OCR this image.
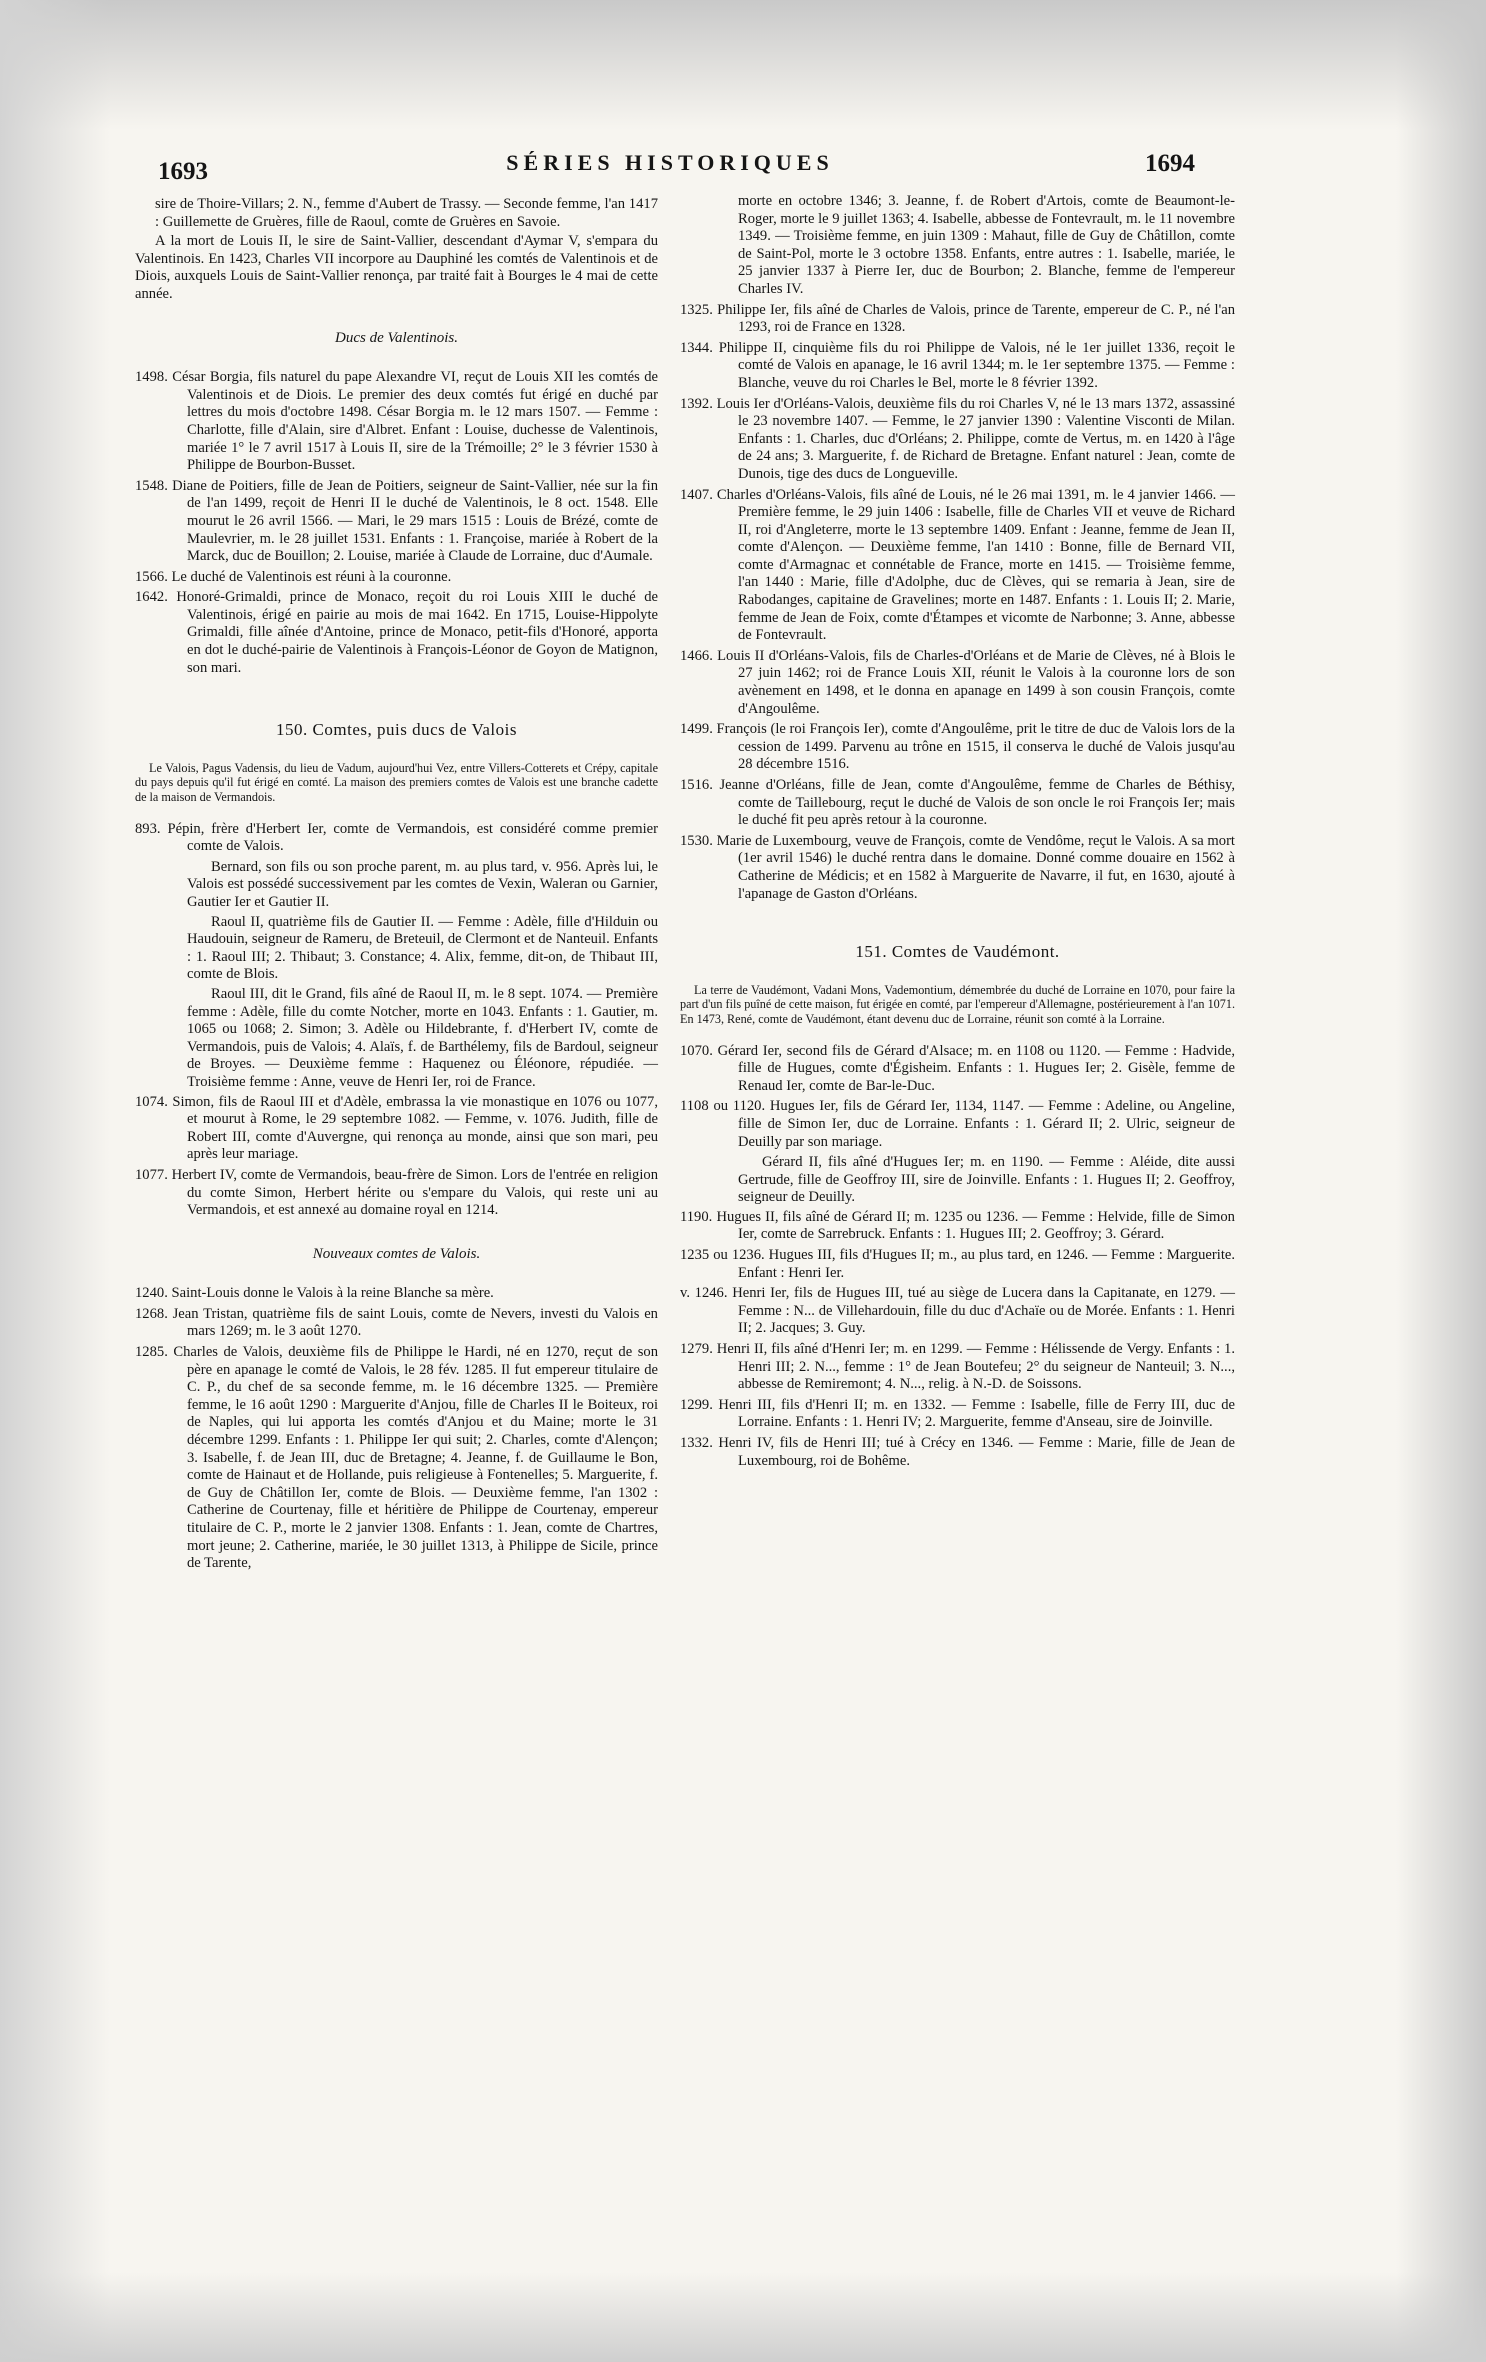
1693	SÉRIES HISTORIQUES	1694

sire de Thoire-Villars; 2. N., femme d'Aubert de Trassy. — Seconde femme, l'an 1417 : Guillemette de Gruères, fille de Raoul, comte de Gruères en Savoie.

A la mort de Louis II, le sire de Saint-Vallier, descendant d'Aymar V, s'empara du Valentinois. En 1423, Charles VII incorpore au Dauphiné les comtés de Valentinois et de Diois, auxquels Louis de Saint-Vallier renonça, par traité fait à Bourges le 4 mai de cette année.

Ducs de Valentinois.

1498. César Borgia, fils naturel du pape Alexandre VI, reçut de Louis XII les comtés de Valentinois et de Diois. Le premier des deux comtés fut érigé en duché par lettres du mois d'octobre 1498. César Borgia m. le 12 mars 1507. — Femme : Charlotte, fille d'Alain, sire d'Albret. Enfant : Louise, duchesse de Valentinois, mariée 1° le 7 avril 1517 à Louis II, sire de la Trémoille; 2° le 3 février 1530 à Philippe de Bourbon-Busset.

1548. Diane de Poitiers, fille de Jean de Poitiers, seigneur de Saint-Vallier, née sur la fin de l'an 1499, reçoit de Henri II le duché de Valentinois, le 8 oct. 1548. Elle mourut le 26 avril 1566. — Mari, le 29 mars 1515 : Louis de Brézé, comte de Maulevrier, m. le 28 juillet 1531. Enfants : 1. Françoise, mariée à Robert de la Marck, duc de Bouillon; 2. Louise, mariée à Claude de Lorraine, duc d'Aumale.

1566. Le duché de Valentinois est réuni à la couronne.

1642. Honoré-Grimaldi, prince de Monaco, reçoit du roi Louis XIII le duché de Valentinois, érigé en pairie au mois de mai 1642. En 1715, Louise-Hippolyte Grimaldi, fille aînée d'Antoine, prince de Monaco, petit-fils d'Honoré, apporta en dot le duché-pairie de Valentinois à François-Léonor de Goyon de Matignon, son mari.

150. Comtes, puis ducs de Valois

Le Valois, Pagus Vadensis, du lieu de Vadum, aujourd'hui Vez, entre Villers-Cotterets et Crépy, capitale du pays depuis qu'il fut érigé en comté. La maison des premiers comtes de Valois est une branche cadette de la maison de Vermandois.

893. Pépin, frère d'Herbert Ier, comte de Vermandois, est considéré comme premier comte de Valois.

Bernard, son fils ou son proche parent, m. au plus tard, v. 956. Après lui, le Valois est possédé successivement par les comtes de Vexin, Waleran ou Garnier, Gautier Ier et Gautier II.

Raoul II, quatrième fils de Gautier II. — Femme : Adèle, fille d'Hilduin ou Haudouin, seigneur de Rameru, de Breteuil, de Clermont et de Nanteuil. Enfants : 1. Raoul III; 2. Thibaut; 3. Constance; 4. Alix, femme, dit-on, de Thibaut III, comte de Blois.

Raoul III, dit le Grand, fils aîné de Raoul II, m. le 8 sept. 1074. — Première femme : Adèle, fille du comte Notcher, morte en 1043. Enfants : 1. Gautier, m. 1065 ou 1068; 2. Simon; 3. Adèle ou Hildebrante, f. d'Herbert IV, comte de Vermandois, puis de Valois; 4. Alaïs, f. de Barthélemy, fils de Bardoul, seigneur de Broyes. — Deuxième femme : Haquenez ou Éléonore, répudiée. — Troisième femme : Anne, veuve de Henri Ier, roi de France.

1074. Simon, fils de Raoul III et d'Adèle, embrassa la vie monastique en 1076 ou 1077, et mourut à Rome, le 29 septembre 1082. — Femme, v. 1076. Judith, fille de Robert III, comte d'Auvergne, qui renonça au monde, ainsi que son mari, peu après leur mariage.

1077. Herbert IV, comte de Vermandois, beau-frère de Simon. Lors de l'entrée en religion du comte Simon, Herbert hérite ou s'empare du Valois, qui reste uni au Vermandois, et est annexé au domaine royal en 1214.

Nouveaux comtes de Valois.

1240. Saint-Louis donne le Valois à la reine Blanche sa mère.

1268. Jean Tristan, quatrième fils de saint Louis, comte de Nevers, investi du Valois en mars 1269; m. le 3 août 1270.

1285. Charles de Valois, deuxième fils de Philippe le Hardi, né en 1270, reçut de son père en apanage le comté de Valois, le 28 fév. 1285. Il fut empereur titulaire de C. P., du chef de sa seconde femme, m. le 16 décembre 1325. — Première femme, le 16 août 1290 : Marguerite d'Anjou, fille de Charles II le Boiteux, roi de Naples, qui lui apporta les comtés d'Anjou et du Maine; morte le 31 décembre 1299. Enfants : 1. Philippe Ier qui suit; 2. Charles, comte d'Alençon; 3. Isabelle, f. de Jean III, duc de Bretagne; 4. Jeanne, f. de Guillaume le Bon, comte de Hainaut et de Hollande, puis religieuse à Fontenelles; 5. Marguerite, f. de Guy de Châtillon Ier, comte de Blois. — Deuxième femme, l'an 1302 : Catherine de Courtenay, fille et héritière de Philippe de Courtenay, empereur titulaire de C. P., morte le 2 janvier 1308. Enfants : 1. Jean, comte de Chartres, mort jeune; 2. Catherine, mariée, le 30 juillet 1313, à Philippe de Sicile, prince de Tarente,

morte en octobre 1346; 3. Jeanne, f. de Robert d'Artois, comte de Beaumont-le-Roger, morte le 9 juillet 1363; 4. Isabelle, abbesse de Fontevrault, m. le 11 novembre 1349. — Troisième femme, en juin 1309 : Mahaut, fille de Guy de Châtillon, comte de Saint-Pol, morte le 3 octobre 1358. Enfants, entre autres : 1. Isabelle, mariée, le 25 janvier 1337 à Pierre Ier, duc de Bourbon; 2. Blanche, femme de l'empereur Charles IV.

1325. Philippe Ier, fils aîné de Charles de Valois, prince de Tarente, empereur de C. P., né l'an 1293, roi de France en 1328.

1344. Philippe II, cinquième fils du roi Philippe de Valois, né le 1er juillet 1336, reçoit le comté de Valois en apanage, le 16 avril 1344; m. le 1er septembre 1375. — Femme : Blanche, veuve du roi Charles le Bel, morte le 8 février 1392.

1392. Louis Ier d'Orléans-Valois, deuxième fils du roi Charles V, né le 13 mars 1372, assassiné le 23 novembre 1407. — Femme, le 27 janvier 1390 : Valentine Visconti de Milan. Enfants : 1. Charles, duc d'Orléans; 2. Philippe, comte de Vertus, m. en 1420 à l'âge de 24 ans; 3. Marguerite, f. de Richard de Bretagne. Enfant naturel : Jean, comte de Dunois, tige des ducs de Longueville.

1407. Charles d'Orléans-Valois, fils aîné de Louis, né le 26 mai 1391, m. le 4 janvier 1466. — Première femme, le 29 juin 1406 : Isabelle, fille de Charles VII et veuve de Richard II, roi d'Angleterre, morte le 13 septembre 1409. Enfant : Jeanne, femme de Jean II, comte d'Alençon. — Deuxième femme, l'an 1410 : Bonne, fille de Bernard VII, comte d'Armagnac et connétable de France, morte en 1415. — Troisième femme, l'an 1440 : Marie, fille d'Adolphe, duc de Clèves, qui se remaria à Jean, sire de Rabodanges, capitaine de Gravelines; morte en 1487. Enfants : 1. Louis II; 2. Marie, femme de Jean de Foix, comte d'Étampes et vicomte de Narbonne; 3. Anne, abbesse de Fontevrault.

1466. Louis II d'Orléans-Valois, fils de Charles-d'Orléans et de Marie de Clèves, né à Blois le 27 juin 1462; roi de France Louis XII, réunit le Valois à la couronne lors de son avènement en 1498, et le donna en apanage en 1499 à son cousin François, comte d'Angoulême.

1499. François (le roi François Ier), comte d'Angoulême, prit le titre de duc de Valois lors de la cession de 1499. Parvenu au trône en 1515, il conserva le duché de Valois jusqu'au 28 décembre 1516.

1516. Jeanne d'Orléans, fille de Jean, comte d'Angoulême, femme de Charles de Béthisy, comte de Taillebourg, reçut le duché de Valois de son oncle le roi François Ier; mais le duché fit peu après retour à la couronne.

1530. Marie de Luxembourg, veuve de François, comte de Vendôme, reçut le Valois. A sa mort (1er avril 1546) le duché rentra dans le domaine. Donné comme douaire en 1562 à Catherine de Médicis; et en 1582 à Marguerite de Navarre, il fut, en 1630, ajouté à l'apanage de Gaston d'Orléans.

151. Comtes de Vaudémont.

La terre de Vaudémont, Vadani Mons, Vademontium, démembrée du duché de Lorraine en 1070, pour faire la part d'un fils puîné de cette maison, fut érigée en comté, par l'empereur d'Allemagne, postérieurement à l'an 1071. En 1473, René, comte de Vaudémont, étant devenu duc de Lorraine, réunit son comté à la Lorraine.

1070. Gérard Ier, second fils de Gérard d'Alsace; m. en 1108 ou 1120. — Femme : Hadvide, fille de Hugues, comte d'Égisheim. Enfants : 1. Hugues Ier; 2. Gisèle, femme de Renaud Ier, comte de Bar-le-Duc.

1108 ou 1120. Hugues Ier, fils de Gérard Ier, 1134, 1147. — Femme : Adeline, ou Angeline, fille de Simon Ier, duc de Lorraine. Enfants : 1. Gérard II; 2. Ulric, seigneur de Deuilly par son mariage.

Gérard II, fils aîné d'Hugues Ier; m. en 1190. — Femme : Aléide, dite aussi Gertrude, fille de Geoffroy III, sire de Joinville. Enfants : 1. Hugues II; 2. Geoffroy, seigneur de Deuilly.

1190. Hugues II, fils aîné de Gérard II; m. 1235 ou 1236. — Femme : Helvide, fille de Simon Ier, comte de Sarrebruck. Enfants : 1. Hugues III; 2. Geoffroy; 3. Gérard.

1235 ou 1236. Hugues III, fils d'Hugues II; m., au plus tard, en 1246. — Femme : Marguerite. Enfant : Henri Ier.

v. 1246. Henri Ier, fils de Hugues III, tué au siège de Lucera dans la Capitanate, en 1279. — Femme : N... de Villehardouin, fille du duc d'Achaïe ou de Morée. Enfants : 1. Henri II; 2. Jacques; 3. Guy.

1279. Henri II, fils aîné d'Henri Ier; m. en 1299. — Femme : Hélissende de Vergy. Enfants : 1. Henri III; 2. N..., femme : 1° de Jean Boutefeu; 2° du seigneur de Nanteuil; 3. N..., abbesse de Remiremont; 4. N..., relig. à N.-D. de Soissons.

1299. Henri III, fils d'Henri II; m. en 1332. — Femme : Isabelle, fille de Ferry III, duc de Lorraine. Enfants : 1. Henri IV; 2. Marguerite, femme d'Anseau, sire de Joinville.

1332. Henri IV, fils de Henri III; tué à Crécy en 1346. — Femme : Marie, fille de Jean de Luxembourg, roi de Bohême.
